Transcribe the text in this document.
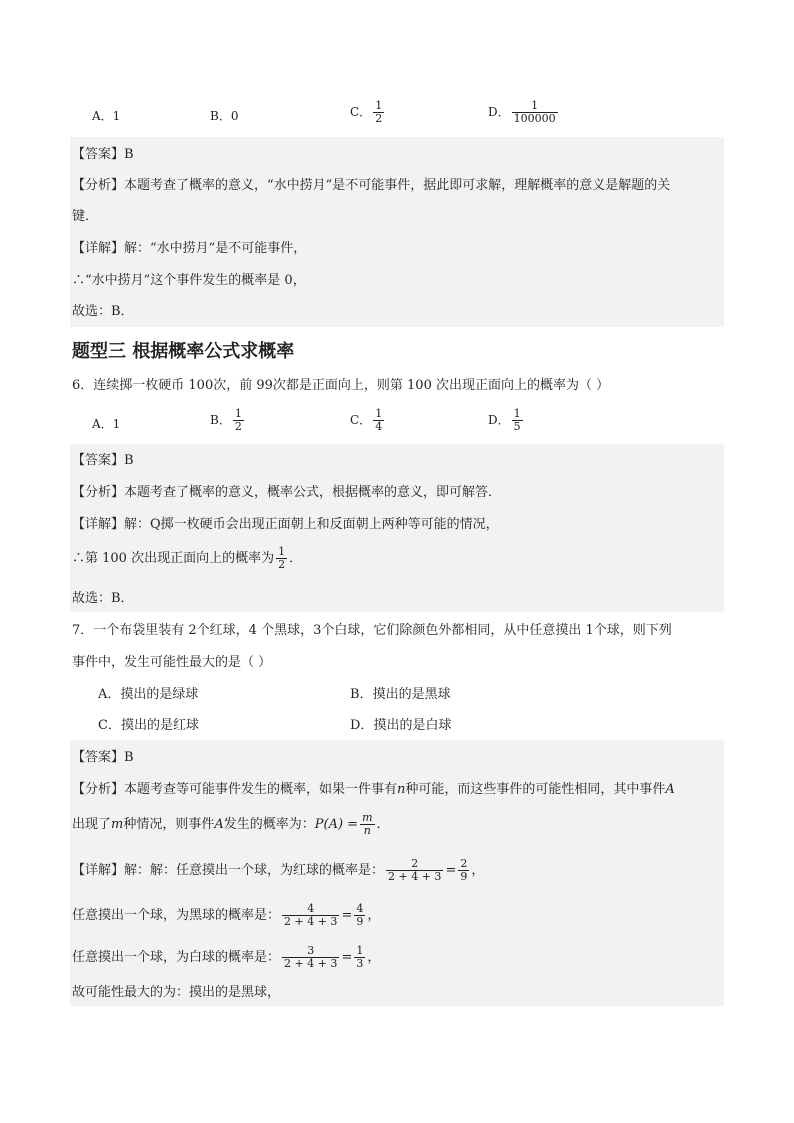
A．1	B．0	C． $\frac{1}{2}$	D． $\frac{1}{100000}$
【答案】B
【分析】本题考查了概率的意义，“水中捞月”是不可能事件，据此即可求解，理解概率的意义是解题的关
键．
【详解】解：“水中捞月”是不可能事件，
∴“水中捞月”这个事件发生的概率是 0，
故选：B．
题型三 根据概率公式求概率
6．连续掷一枚硬币 100次，前 99次都是正面向上，则第 100 次出现正面向上的概率为（ ）
A．1	B． $\frac{1}{2}$	C． $\frac{1}{4}$	D． $\frac{1}{5}$
【答案】B
【分析】本题考查了概率的意义，概率公式，根据概率的意义，即可解答．
【详解】解：Q掷一枚硬币会出现正面朝上和反面朝上两种等可能的情况，
∴第 100 次出现正面向上的概率为 $\frac{1}{2}$ ．
故选：B．
7．一个布袋里装有 2个红球，4 个黑球，3个白球，它们除颜色外都相同，从中任意摸出 1个球，则下列
事件中，发生可能性最大的是（ ）
A．摸出的是绿球	B．摸出的是黑球
C．摸出的是红球	D．摸出的是白球
【答案】B
【分析】本题考查等可能事件发生的概率，如果一件事有n种可能，而这些事件的可能性相同，其中事件A
出现了m种情况，则事件A发生的概率为：$P(A) = \frac{m}{n}$ ．
【详解】解：解：任意摸出一个球，为红球的概率是： $\frac{2}{2 + 4 + 3} = \frac{2}{9}$ ，
任意摸出一个球，为黑球的概率是： $\frac{4}{2 + 4 + 3} = \frac{4}{9}$ ，
任意摸出一个球，为白球的概率是： $\frac{3}{2 + 4 + 3} = \frac{1}{3}$ ，
故可能性最大的为：摸出的是黑球，
